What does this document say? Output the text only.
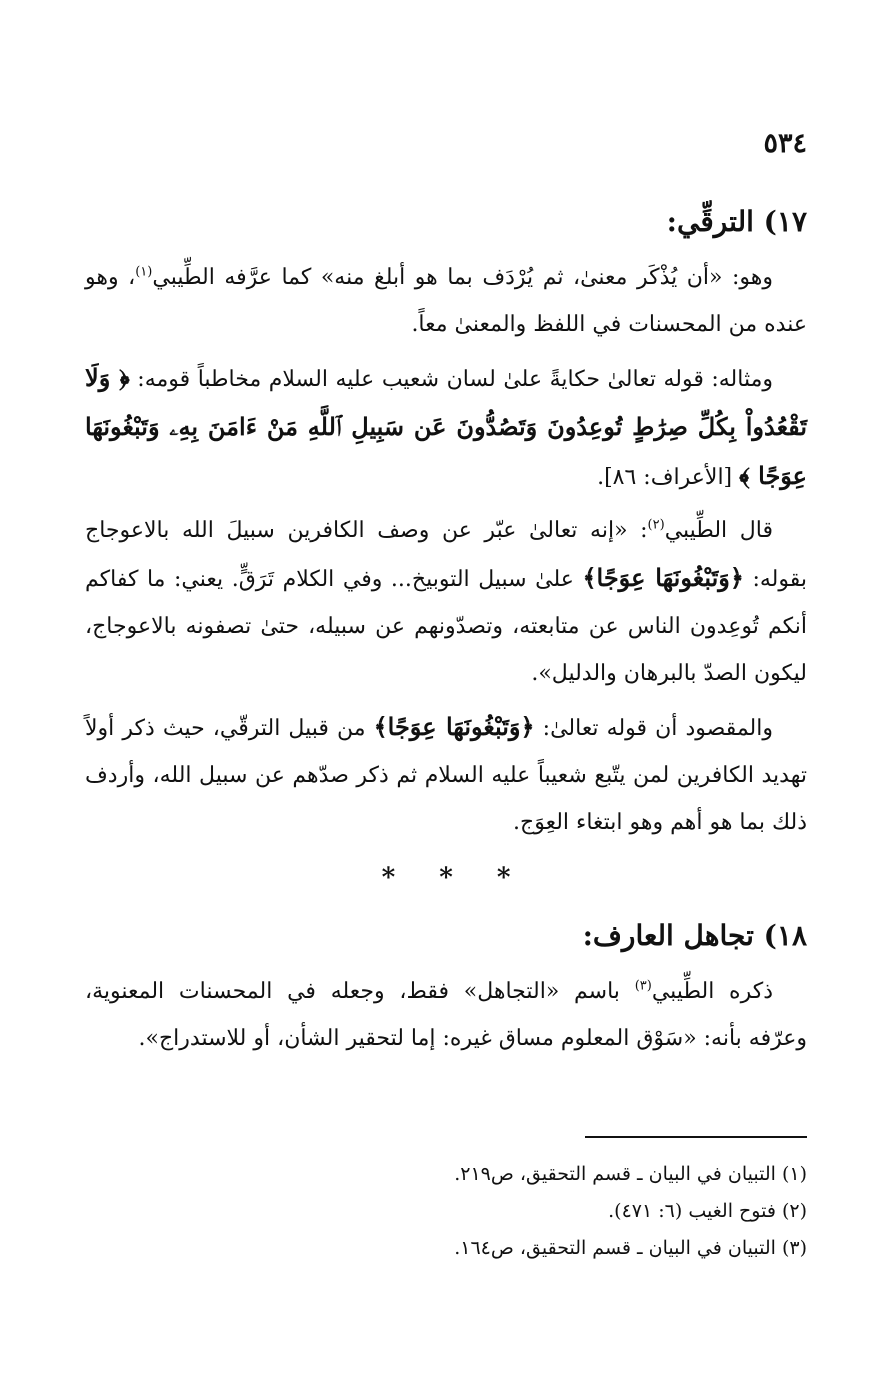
٥٣٤

١٧) الترقِّي:

وهو: «أن يُذْكَر معنىٰ، ثم يُرْدَف بما هو أبلغ منه» كما عرَّفه الطِّيبي$^{(١)}$، وهو عنده من المحسنات في اللفظ والمعنىٰ معاً.

ومثاله: قوله تعالىٰ حكايةً علىٰ لسان شعيب عليه السلام مخاطباً قومه: ﴿ وَلَا تَقْعُدُواْ بِكُلِّ صِرَٰطٍ تُوعِدُونَ وَتَصُدُّونَ عَن سَبِيلِ ٱللَّهِ مَنْ ءَامَنَ بِهِۦ وَتَبْغُونَهَا عِوَجًا ﴾ [الأعراف: ٨٦].

قال الطِّيبي$^{(٢)}$: «إنه تعالىٰ عبّر عن وصف الكافرين سبيلَ الله بالاعوجاج بقوله: ﴿وَتَبْغُونَهَا عِوَجًا﴾ علىٰ سبيل التوبيخ... وفي الكلام تَرَقٍّ. يعني: ما كفاكم أنكم تُوعِدون الناس عن متابعته، وتصدّونهم عن سبيله، حتىٰ تصفونه بالاعوجاج، ليكون الصدّ بالبرهان والدليل».

والمقصود أن قوله تعالىٰ: ﴿وَتَبْغُونَهَا عِوَجًا﴾ من قبيل الترقّي، حيث ذكر أولاً تهديد الكافرين لمن يتّبع شعيباً عليه السلام ثم ذكر صدّهم عن سبيل الله، وأردف ذلك بما هو أهم وهو ابتغاء العِوَج.

*
*
*
١٨) تجاهل العارف:

ذكره الطِّيبي$^{(٣)}$ باسم «التجاهل» فقط، وجعله في المحسنات المعنوية، وعرّفه بأنه: «سَوْق المعلوم مساق غيره: إما لتحقير الشأن، أو للاستدراج».

(١) التبيان في البيان ـ قسم التحقيق، ص٢١٩.
(٢) فتوح الغيب (٦: ٤٧١).
(٣) التبيان في البيان ـ قسم التحقيق، ص١٦٤.
